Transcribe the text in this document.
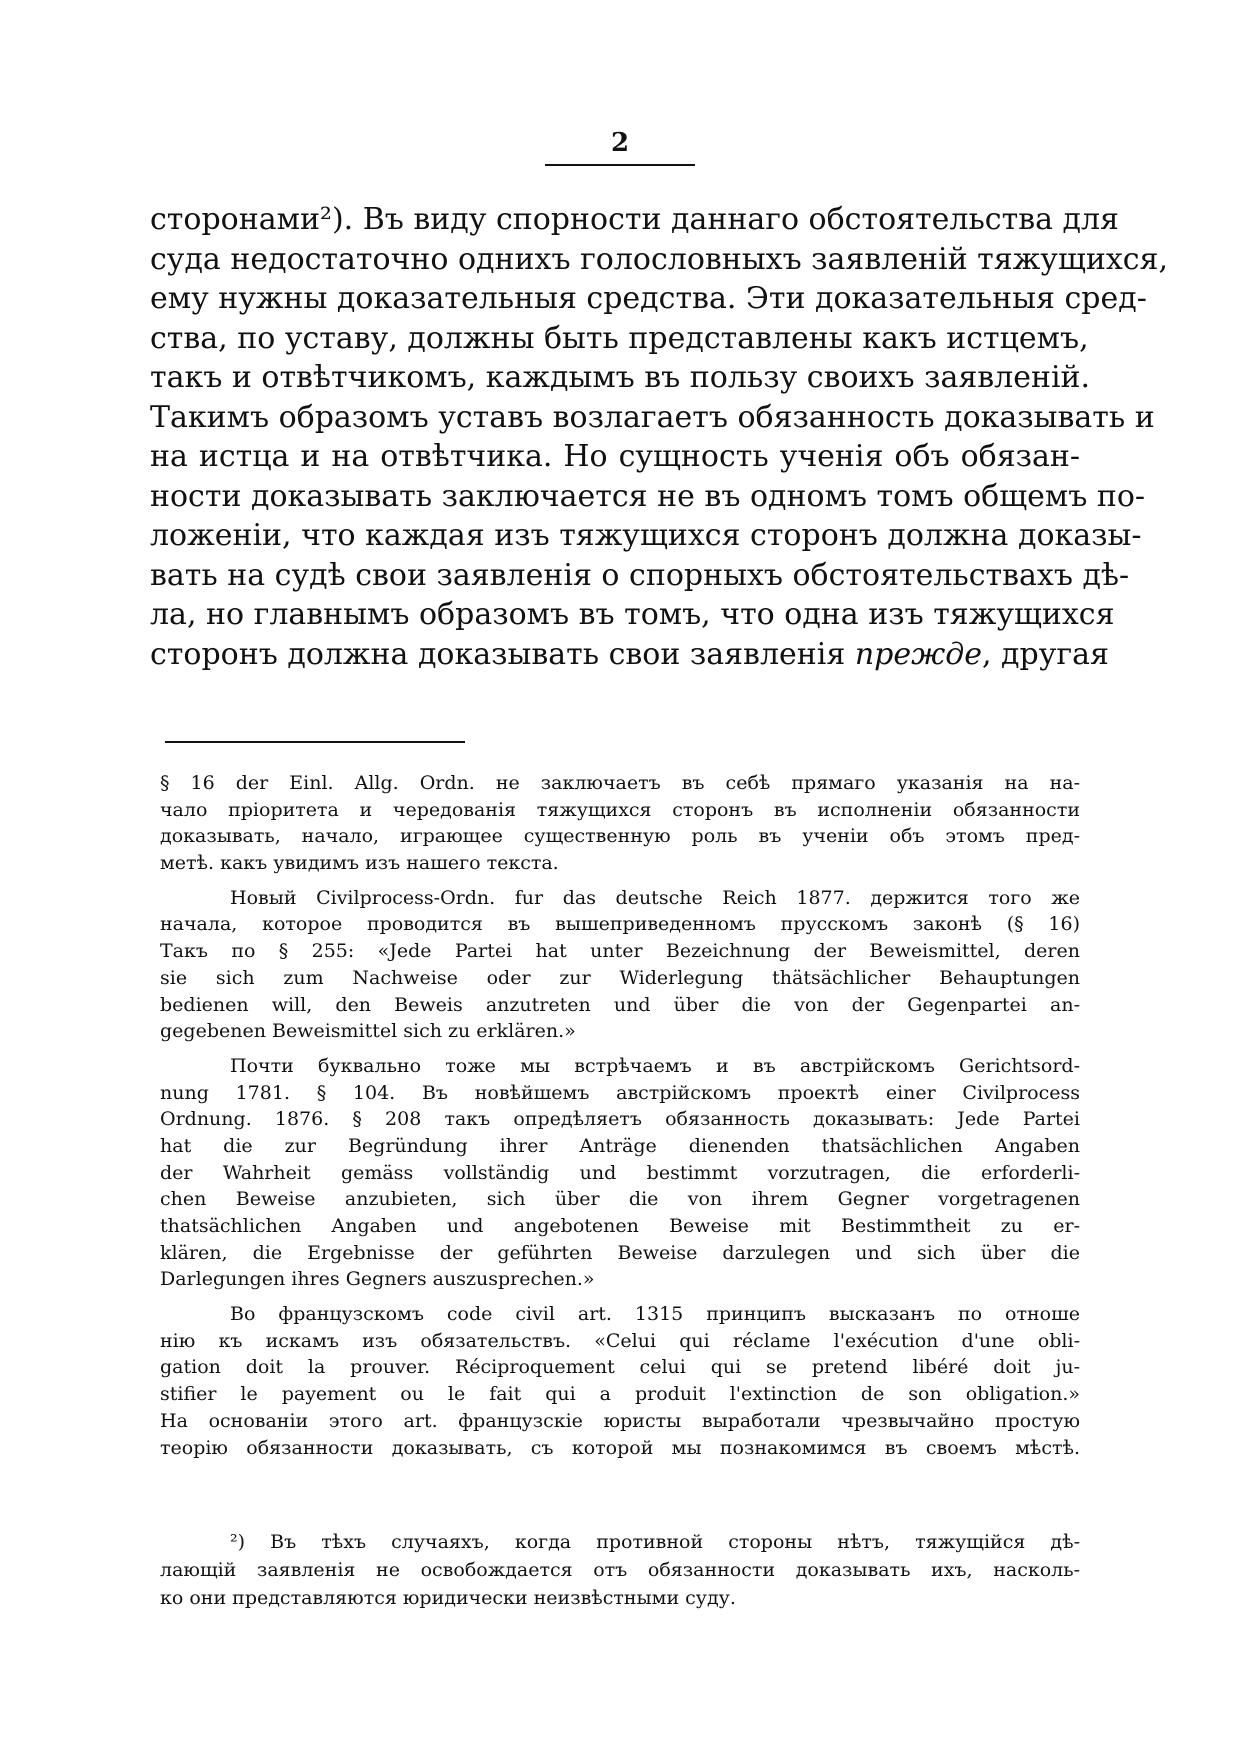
2
сторонами²). Въ виду спорности даннаго обстоятельства для
суда недостаточно однихъ голословныхъ заявленій тяжущихся,
ему нужны доказательныя средства. Эти доказательныя сред-
ства, по уставу, должны быть представлены какъ истцемъ,
такъ и отвѣтчикомъ, каждымъ въ пользу своихъ заявленій.
Такимъ образомъ уставъ возлагаетъ обязанность доказывать и
на истца и на отвѣтчика. Но сущность ученія объ обязан-
ности доказывать заключается не въ одномъ томъ общемъ по-
ложеніи, что каждая изъ тяжущихся сторонъ должна доказы-
вать на судѣ свои заявленія о спорныхъ обстоятельствахъ дѣ-
ла, но главнымъ образомъ въ томъ, что одна изъ тяжущихся
сторонъ должна доказывать свои заявленія прежде, другая
§ 16 der Einl. Allg. Ordn. не заключаетъ въ себѣ прямаго указанія на на-
чало пріоритета и чередованія тяжущихся сторонъ въ исполненіи обязанности
доказывать, начало, играющее существенную роль въ ученіи объ этомъ пред-
метѣ. какъ увидимъ изъ нашего текста.
Новый Civilprocess-Ordn. fur das deutsche Reich 1877. держится того же
начала, которое проводится въ вышеприведенномъ прусскомъ законѣ (§ 16)
Такъ по § 255: «Jede Partei hat unter Bezeichnung der Beweismittel, deren
sie sich zum Nachweise oder zur Widerlegung thätsächlicher Behauptungen
bedienen will, den Beweis anzutreten und über die von der Gegenpartei an-
gegebenen Beweismittel sich zu erklären.»
Почти буквально тоже мы встрѣчаемъ и въ австрійскомъ Gerichtsord-
nung 1781. § 104. Въ новѣйшемъ австрійскомъ проектѣ einer Civilprocess
Ordnung. 1876. § 208 такъ опредѣляетъ обязанность доказывать: Jede Partei
hat die zur Begründung ihrer Anträge dienenden thatsächlichen Angaben
der Wahrheit gemäss vollständig und bestimmt vorzutragen, die erforderli-
chen Beweise anzubieten, sich über die von ihrem Gegner vorgetragenen
thatsächlichen Angaben und angebotenen Beweise mit Bestimmtheit zu er-
klären, die Ergebnisse der geführten Beweise darzulegen und sich über die
Darlegungen ihres Gegners auszusprechen.»
Во французскомъ code civil art. 1315 принципъ высказанъ по отноше
нію къ искамъ изъ обязательствъ. «Celui qui réclame l'exécution d'une obli-
gation doit la prouver. Réciproquement celui qui se pretend libéré doit ju-
stifier le payement ou le fait qui a produit l'extinction de son obligation.»
На основаніи этого art. французскіе юристы выработали чрезвычайно простую
теорію обязанности доказывать, съ которой мы познакомимся въ своемъ мѣстѣ.
²) Въ тѣхъ случаяхъ, когда противной стороны нѣтъ, тяжущійся дѣ-
лающій заявленія не освобождается отъ обязанности доказывать ихъ, насколь-
ко они представляются юридически неизвѣстными суду.
